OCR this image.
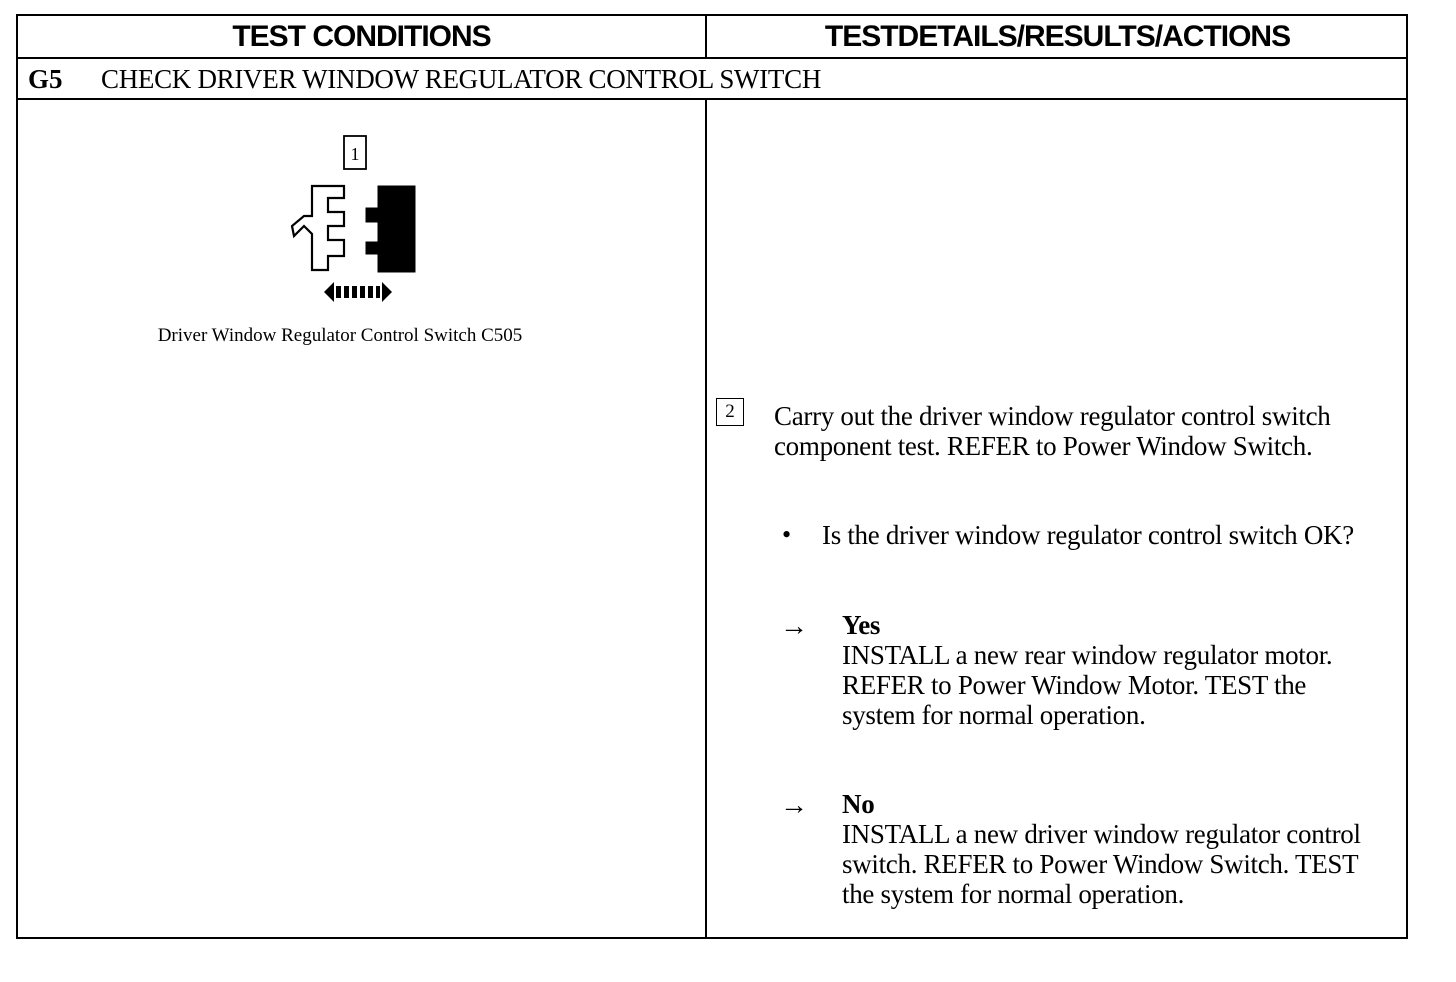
TEST CONDITIONS	TESTDETAILS/RESULTS/ACTIONS
G5 CHECK DRIVER WINDOW REGULATOR CONTROL SWITCH
1
Driver Window Regulator Control Switch C505
2	Carry out the driver window regulator control switch component test. REFER to Power Window Switch.
• Is the driver window regulator control switch OK?
→ Yes
INSTALL a new rear window regulator motor. REFER to Power Window Motor. TEST the system for normal operation.
→ No
INSTALL a new driver window regulator control switch. REFER to Power Window Switch. TEST the system for normal operation.
